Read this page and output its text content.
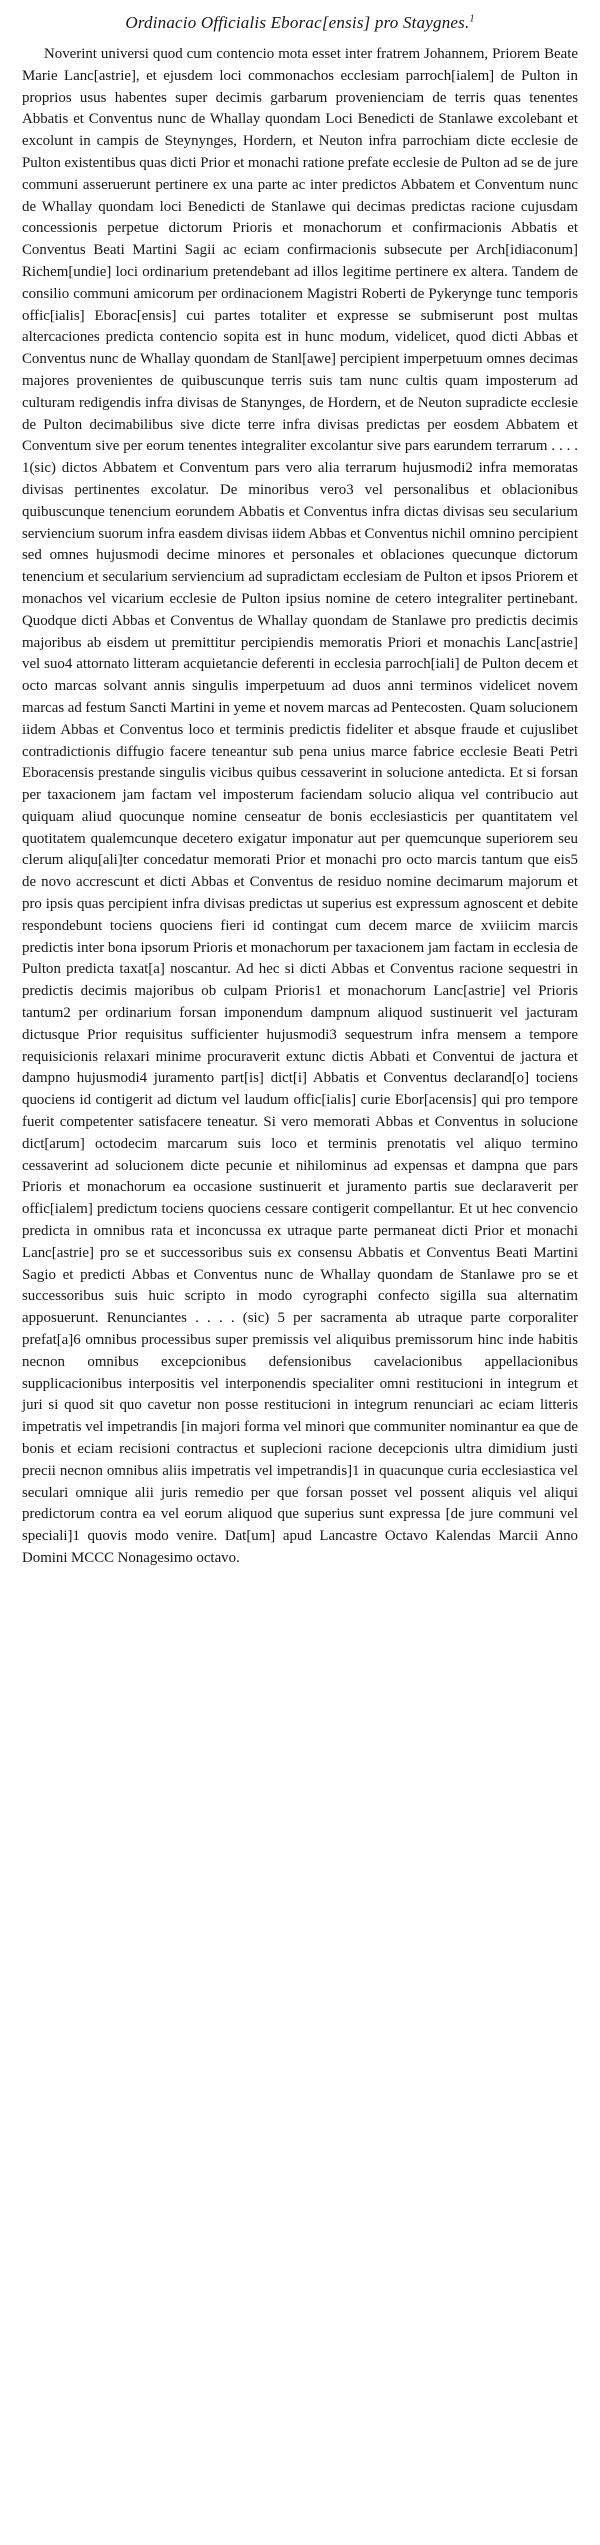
Ordinacio Officialis Eborac[ensis] pro Staygnes.$^1$

Noverint universi quod cum contencio mota esset inter fratrem Johannem, Priorem Beate Marie Lanc[astrie], et ejusdem loci commonachos ecclesiam parroch[ialem] de Pulton in proprios usus habentes super decimis garbarum provenienciam de terris quas tenentes Abbatis et Conventus nunc de Whallay quondam Loci Benedicti de Stanlawe excolebant et excolunt in campis de Steynynges, Hordern, et Neuton infra parrochiam dicte ecclesie de Pulton existentibus quas dicti Prior et monachi ratione prefate ecclesie de Pulton ad se de jure communi asseruerunt pertinere ex una parte ac inter predictos Abbatem et Conventum nunc de Whallay quondam loci Benedicti de Stanlawe qui decimas predictas racione cujusdam concessionis perpetue dictorum Prioris et monachorum et confirmacionis Abbatis et Conventus Beati Martini Sagii ac eciam confirmacionis subsecute per Arch[idiaconum] Richem[undie] loci ordinarium pretendebant ad illos legitime pertinere ex altera. Tandem de consilio communi amicorum per ordinacionem Magistri Roberti de Pykerynge tunc temporis offic[ialis] Eborac[ensis] cui partes totaliter et expresse se submiserunt post multas altercaciones predicta contencio sopita est in hunc modum, videlicet, quod dicti Abbas et Conventus nunc de Whallay quondam de Stanl[awe] percipient imperpetuum omnes decimas majores provenientes de quibuscunque terris suis tam nunc cultis quam imposterum ad culturam redigendis infra divisas de Stanynges, de Hordern, et de Neuton supradicte ecclesie de Pulton decimabilibus sive dicte terre infra divisas predictas per eosdem Abbatem et Conventum sive per eorum tenentes integraliter excolantur sive pars earundem terrarum . . . . 1(sic) dictos Abbatem et Conventum pars vero alia terrarum hujusmodi2 infra memoratas divisas pertinentes excolatur. De minoribus vero3 vel personalibus et oblacionibus quibuscunque tenencium eorundem Abbatis et Conventus infra dictas divisas seu secularium serviencium suorum infra easdem divisas iidem Abbas et Conventus nichil omnino percipient sed omnes hujusmodi decime minores et personales et oblaciones quecunque dictorum tenencium et secularium serviencium ad supradictam ecclesiam de Pulton et ipsos Priorem et monachos vel vicarium ecclesie de Pulton ipsius nomine de cetero integraliter pertinebant. Quodque dicti Abbas et Conventus de Whallay quondam de Stanlawe pro predictis decimis majoribus ab eisdem ut premittitur percipiendis memoratis Priori et monachis Lanc[astrie] vel suo4 attornato litteram acquietancie deferenti in ecclesia parroch[iali] de Pulton decem et octo marcas solvant annis singulis imperpetuum ad duos anni terminos videlicet novem marcas ad festum Sancti Martini in yeme et novem marcas ad Pentecosten. Quam solucionem iidem Abbas et Conventus loco et terminis predictis fideliter et absque fraude et cujuslibet contradictionis diffugio facere teneantur sub pena unius marce fabrice ecclesie Beati Petri Eboracensis prestande singulis vicibus quibus cessaverint in solucione antedicta. Et si forsan per taxacionem jam factam vel imposterum faciendam solucio aliqua vel contribucio aut quiquam aliud quocunque nomine censeatur de bonis ecclesiasticis per quantitatem vel quotitatem qualemcunque decetero exigatur imponatur aut per quemcunque superiorem seu clerum aliqu[ali]ter concedatur memorati Prior et monachi pro octo marcis tantum que eis5 de novo accrescunt et dicti Abbas et Conventus de residuo nomine decimarum majorum et pro ipsis quas percipient infra divisas predictas ut superius est expressum agnoscent et debite respondebunt tociens quociens fieri id contingat cum decem marce de xviiicim marcis predictis inter bona ipsorum Prioris et monachorum per taxacionem jam factam in ecclesia de Pulton predicta taxat[a] noscantur. Ad hec si dicti Abbas et Conventus racione sequestri in predictis decimis majoribus ob culpam Prioris1 et monachorum Lanc[astrie] vel Prioris tantum2 per ordinarium forsan imponendum dampnum aliquod sustinuerit vel jacturam dictusque Prior requisitus sufficienter hujusmodi3 sequestrum infra mensem a tempore requisicionis relaxari minime procuraverit extunc dictis Abbati et Conventui de jactura et dampno hujusmodi4 juramento part[is] dict[i] Abbatis et Conventus declarand[o] tociens quociens id contigerit ad dictum vel laudum offic[ialis] curie Ebor[acensis] qui pro tempore fuerit competenter satisfacere teneatur. Si vero memorati Abbas et Conventus in solucione dict[arum] octodecim marcarum suis loco et terminis prenotatis vel aliquo termino cessaverint ad solucionem dicte pecunie et nihilominus ad expensas et dampna que pars Prioris et monachorum ea occasione sustinuerit et juramento partis sue declaraverit per offic[ialem] predictum tociens quociens cessare contigerit compellantur. Et ut hec convencio predicta in omnibus rata et inconcussa ex utraque parte permaneat dicti Prior et monachi Lanc[astrie] pro se et successoribus suis ex consensu Abbatis et Conventus Beati Martini Sagio et predicti Abbas et Conventus nunc de Whallay quondam de Stanlawe pro se et successoribus suis huic scripto in modo cyrographi confecto sigilla sua alternatim apposuerunt. Renunciantes . . . . (sic) 5 per sacramenta ab utraque parte corporaliter prefat[a]6 omnibus processibus super premissis vel aliquibus premissorum hinc inde habitis necnon omnibus excepcionibus defensionibus cavelacionibus appellacionibus supplicacionibus interpositis vel interponendis specialiter omni restitucioni in integrum et juri si quod sit quo cavetur non posse restitucioni in integrum renunciari ac eciam litteris impetratis vel impetrandis [in majori forma vel minori que communiter nominantur ea que de bonis et eciam recisioni contractus et suplecioni racione decepcionis ultra dimidium justi precii necnon omnibus aliis impetratis vel impetrandis]1 in quacunque curia ecclesiastica vel seculari omnique alii juris remedio per que forsan posset vel possent aliquis vel aliqui predictorum contra ea vel eorum aliquod que superius sunt expressa [de jure communi vel speciali]1 quovis modo venire. Dat[um] apud Lancastre Octavo Kalendas Marcii Anno Domini MCCC Nonagesimo octavo.
